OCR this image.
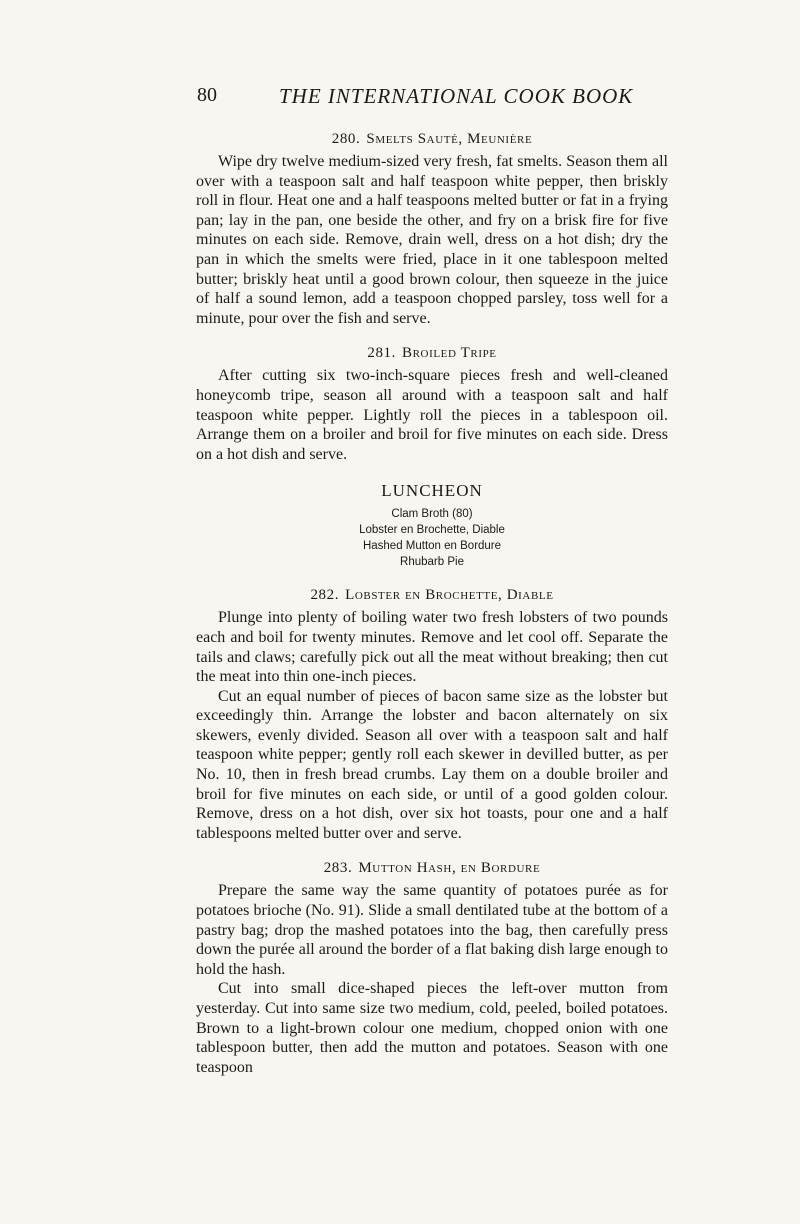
80	THE INTERNATIONAL COOK BOOK
280. Smelts Sauté, Meunière

Wipe dry twelve medium-sized very fresh, fat smelts. Season them all over with a teaspoon salt and half teaspoon white pepper, then briskly roll in flour. Heat one and a half teaspoons melted butter or fat in a frying pan; lay in the pan, one beside the other, and fry on a brisk fire for five minutes on each side. Remove, drain well, dress on a hot dish; dry the pan in which the smelts were fried, place in it one tablespoon melted butter; briskly heat until a good brown colour, then squeeze in the juice of half a sound lemon, add a teaspoon chopped parsley, toss well for a minute, pour over the fish and serve.

281. Broiled Tripe

After cutting six two-inch-square pieces fresh and well-cleaned honeycomb tripe, season all around with a teaspoon salt and half teaspoon white pepper. Lightly roll the pieces in a tablespoon oil. Arrange them on a broiler and broil for five minutes on each side. Dress on a hot dish and serve.

LUNCHEON
Clam Broth (80)
Lobster en Brochette, Diable
Hashed Mutton en Bordure
Rhubarb Pie
282. Lobster en Brochette, Diable

Plunge into plenty of boiling water two fresh lobsters of two pounds each and boil for twenty minutes. Remove and let cool off. Separate the tails and claws; carefully pick out all the meat without breaking; then cut the meat into thin one-inch pieces.

Cut an equal number of pieces of bacon same size as the lobster but exceedingly thin. Arrange the lobster and bacon alternately on six skewers, evenly divided. Season all over with a teaspoon salt and half teaspoon white pepper; gently roll each skewer in devilled butter, as per No. 10, then in fresh bread crumbs. Lay them on a double broiler and broil for five minutes on each side, or until of a good golden colour. Remove, dress on a hot dish, over six hot toasts, pour one and a half tablespoons melted butter over and serve.

283. Mutton Hash, en Bordure

Prepare the same way the same quantity of potatoes purée as for potatoes brioche (No. 91). Slide a small dentilated tube at the bottom of a pastry bag; drop the mashed potatoes into the bag, then carefully press down the purée all around the border of a flat baking dish large enough to hold the hash.

Cut into small dice-shaped pieces the left-over mutton from yesterday. Cut into same size two medium, cold, peeled, boiled potatoes. Brown to a light-brown colour one medium, chopped onion with one tablespoon butter, then add the mutton and potatoes. Season with one teaspoon
